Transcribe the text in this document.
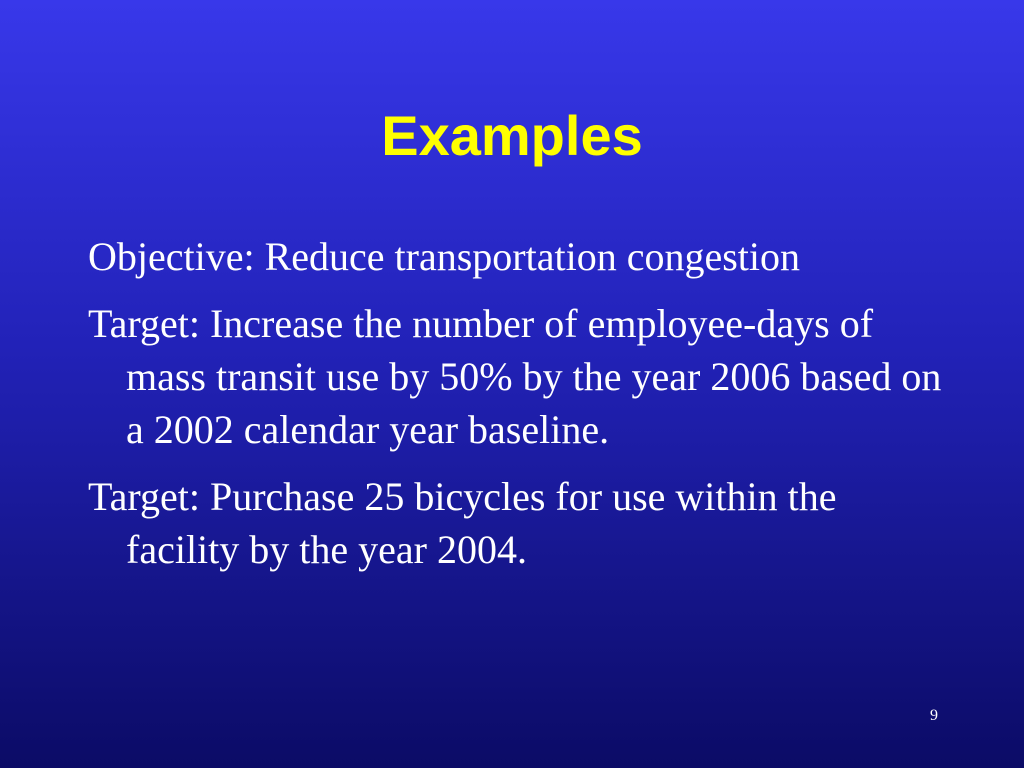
Examples
Objective: Reduce transportation congestion
Target: Increase the number of employee-days of mass transit use by 50% by the year 2006 based on a 2002 calendar year baseline.
Target: Purchase 25 bicycles for use within the facility by the year 2004.
9
